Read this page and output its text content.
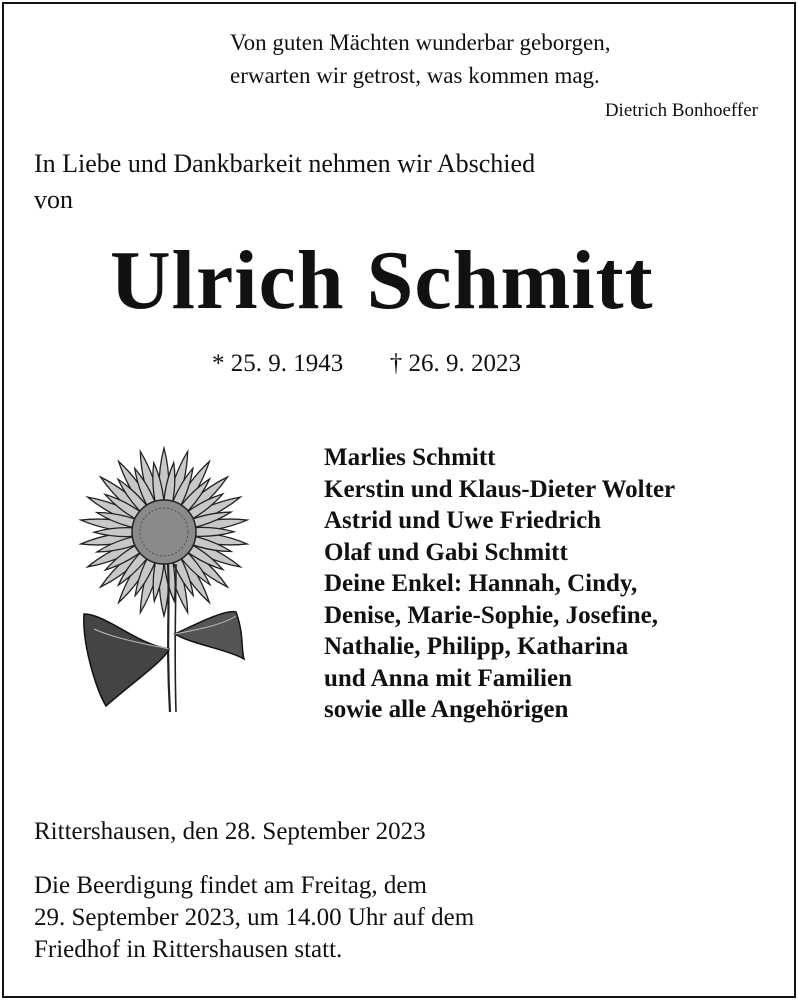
Von guten Mächten wunderbar geborgen,
erwarten wir getrost, was kommen mag.
Dietrich Bonhoeffer
In Liebe und Dankbarkeit nehmen wir Abschied
von
Ulrich Schmitt
* 25. 9. 1943 † 26. 9. 2023
Marlies Schmitt
Kerstin und Klaus-Dieter Wolter
Astrid und Uwe Friedrich
Olaf und Gabi Schmitt
Deine Enkel: Hannah, Cindy,
Denise, Marie-Sophie, Josefine,
Nathalie, Philipp, Katharina
und Anna mit Familien
sowie alle Angehörigen
Rittershausen, den 28. September 2023
Die Beerdigung findet am Freitag, dem
29. September 2023, um 14.00 Uhr auf dem
Friedhof in Rittershausen statt.
